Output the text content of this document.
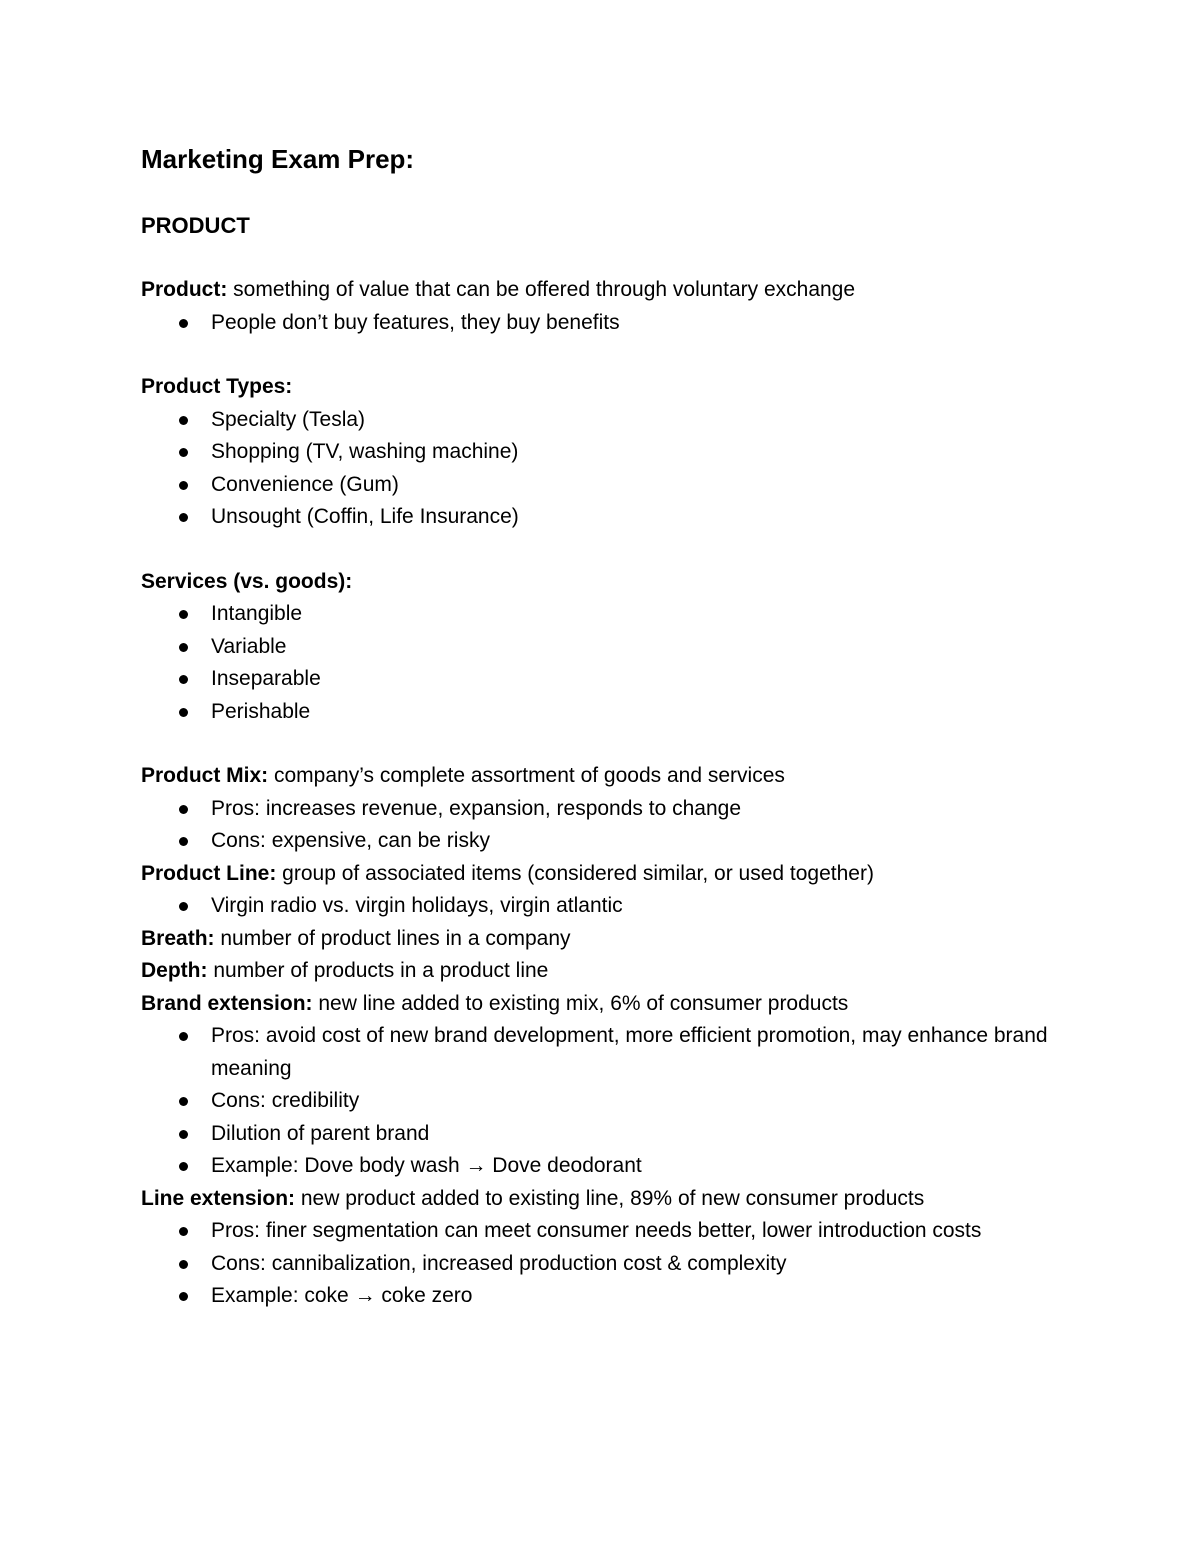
Marketing Exam Prep:
PRODUCT

Product: something of value that can be offered through voluntary exchange

People don’t buy features, they buy benefits

Product Types:

Specialty (Tesla)
Shopping (TV, washing machine)
Convenience (Gum)
Unsought (Coffin, Life Insurance)

Services (vs. goods):

Intangible
Variable
Inseparable
Perishable

Product Mix: company’s complete assortment of goods and services

Pros: increases revenue, expansion, responds to change
Cons: expensive, can be risky

Product Line: group of associated items (considered similar, or used together)

Virgin radio vs. virgin holidays, virgin atlantic

Breath: number of product lines in a company

Depth: number of products in a product line

Brand extension: new line added to existing mix, 6% of consumer products

Pros: avoid cost of new brand development, more efficient promotion, may enhance brand meaning
Cons: credibility
Dilution of parent brand
Example: Dove body wash → Dove deodorant

Line extension: new product added to existing line, 89% of new consumer products

Pros: finer segmentation can meet consumer needs better, lower introduction costs
Cons: cannibalization, increased production cost & complexity
Example: coke → coke zero
